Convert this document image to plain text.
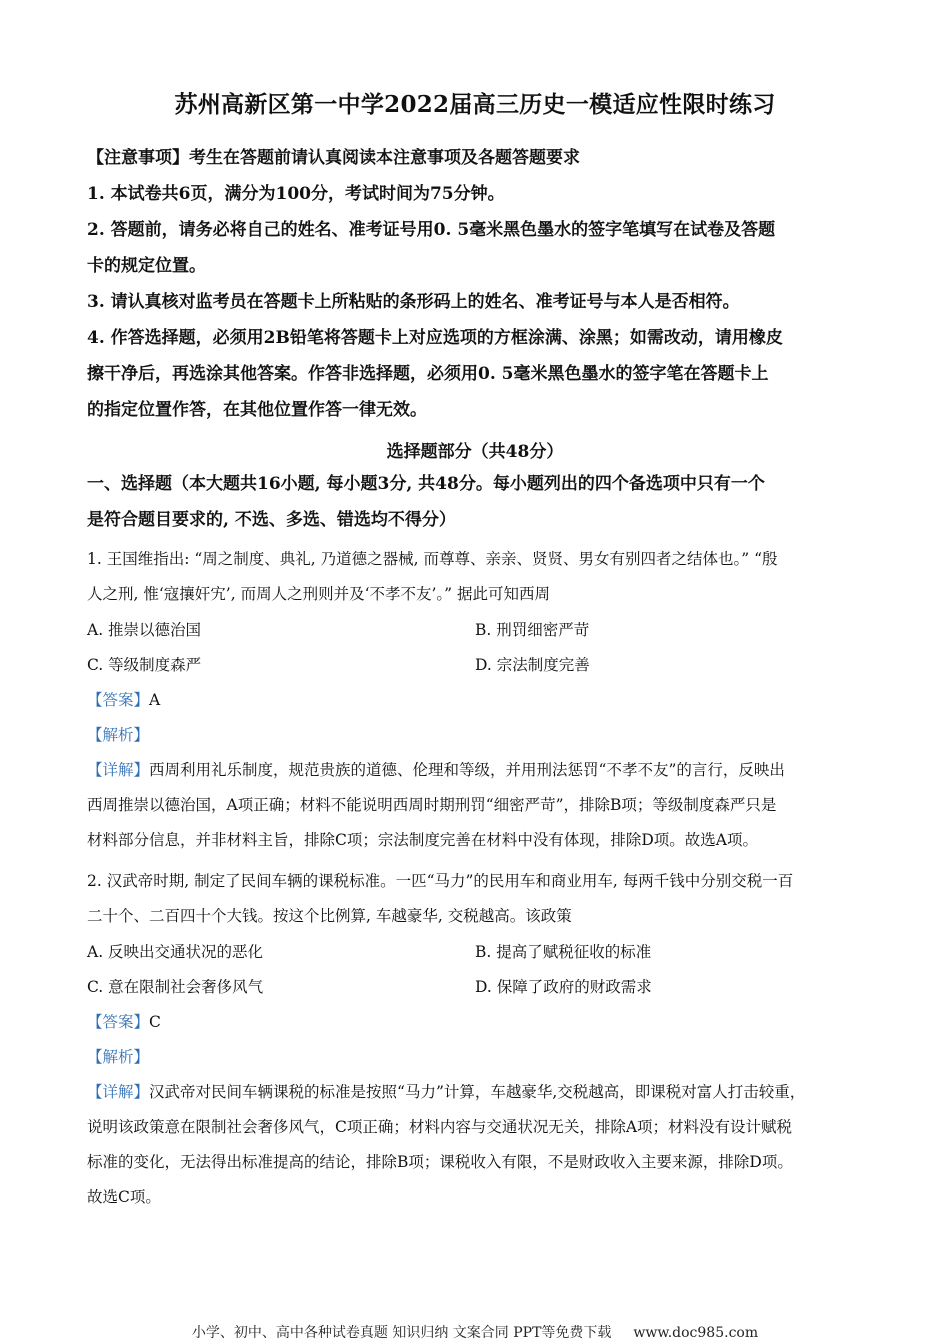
苏州高新区第一中学2022届高三历史一模适应性限时练习
【注意事项】考生在答题前请认真阅读本注意事项及各题答题要求
1. 本试卷共6页，满分为100分，考试时间为75分钟。
2. 答题前，请务必将自己的姓名、准考证号用0. 5毫米黑色墨水的签字笔填写在试卷及答题
卡的规定位置。
3. 请认真核对监考员在答题卡上所粘贴的条形码上的姓名、准考证号与本人是否相符。
4. 作答选择题，必须用2B铅笔将答题卡上对应选项的方框涂满、涂黑；如需改动，请用橡皮
擦干净后，再选涂其他答案。作答非选择题，必须用0. 5毫米黑色墨水的签字笔在答题卡上
的指定位置作答，在其他位置作答一律无效。
选择题部分（共48分）
一、选择题（本大题共16小题, 每小题3分, 共48分。每小题列出的四个备选项中只有一个
是符合题目要求的, 不选、多选、错选均不得分）
1. 王国维指出: “周之制度、典礼, 乃道德之器械, 而尊尊、亲亲、贤贤、男女有别四者之结体也。” “殷
人之刑, 惟‘寇攘奸宄’, 而周人之刑则并及‘不孝不友’。” 据此可知西周
A. 推崇以德治国	B. 刑罚细密严苛
C. 等级制度森严	D. 宗法制度完善
【答案】A
【解析】
【详解】西周利用礼乐制度，规范贵族的道德、伦理和等级，并用刑法惩罚“不孝不友”的言行，反映出
西周推崇以德治国，A项正确；材料不能说明西周时期刑罚“细密严苛”，排除B项；等级制度森严只是
材料部分信息，并非材料主旨，排除C项；宗法制度完善在材料中没有体现，排除D项。故选A项。
2. 汉武帝时期, 制定了民间车辆的课税标准。一匹“马力”的民用车和商业用车, 每两千钱中分别交税一百
二十个、二百四十个大钱。按这个比例算, 车越豪华, 交税越高。该政策
A. 反映出交通状况的恶化	B. 提高了赋税征收的标准
C. 意在限制社会奢侈风气	D. 保障了政府的财政需求
【答案】C
【解析】
【详解】汉武帝对民间车辆课税的标准是按照“马力”计算，车越豪华,交税越高，即课税对富人打击较重，
说明该政策意在限制社会奢侈风气，C项正确；材料内容与交通状况无关，排除A项；材料没有设计赋税
标准的变化，无法得出标准提高的结论，排除B项；课税收入有限，不是财政收入主要来源，排除D项。
故选C项。
小学、初中、高中各种试卷真题 知识归纳 文案合同 PPT等免费下载 www.doc985.com
